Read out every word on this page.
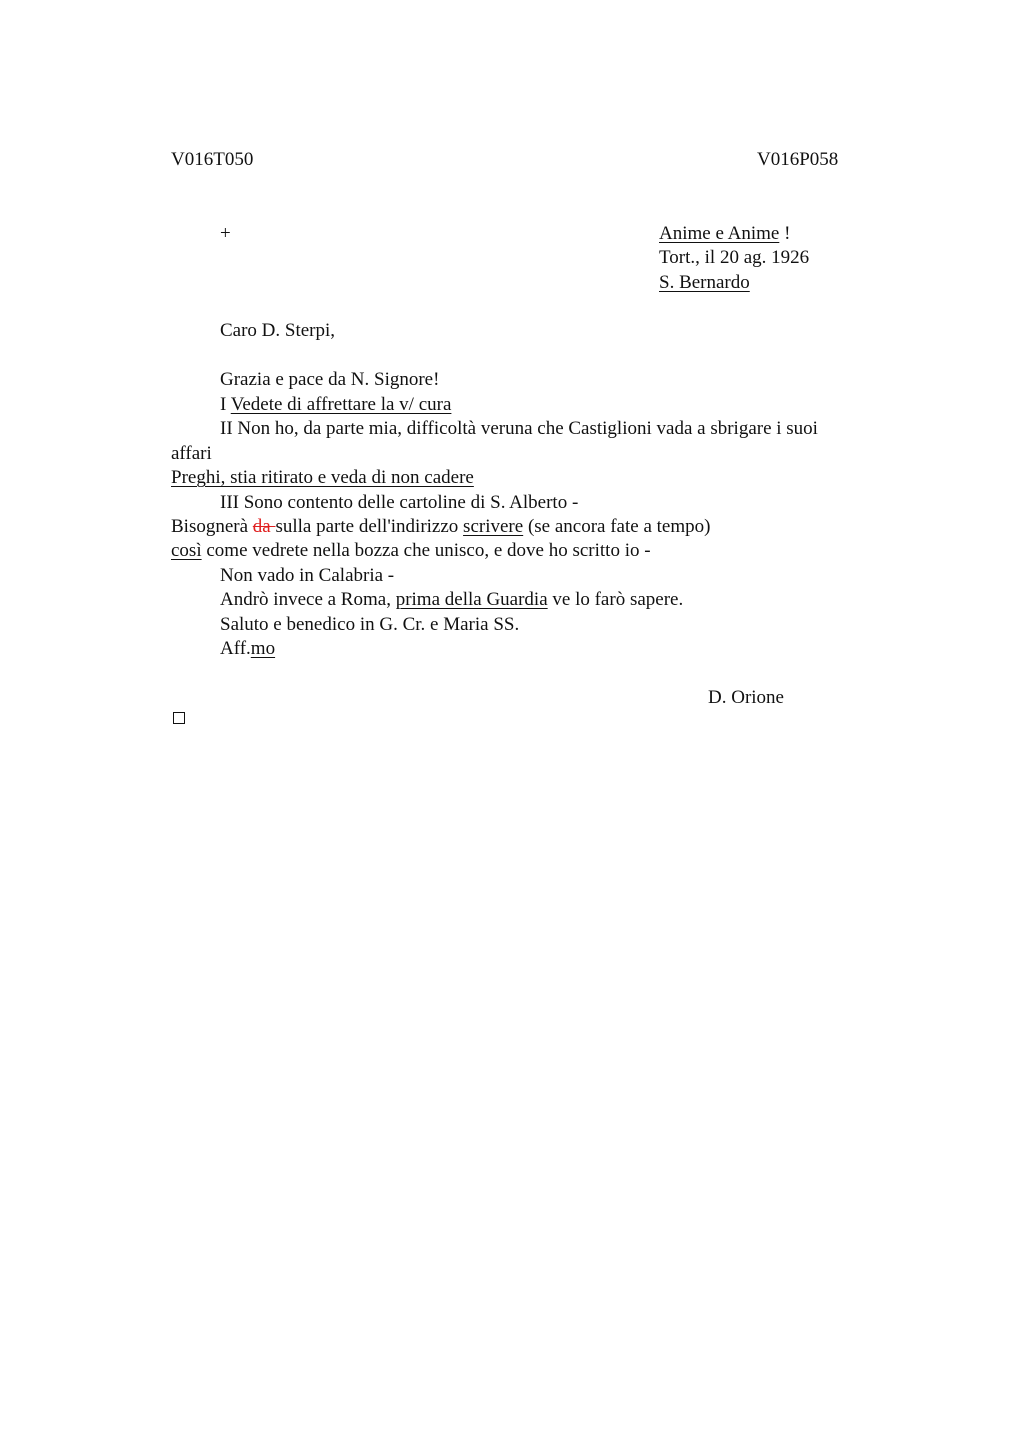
V016T050	V016P058
+	Anime e Anime !
Tort., il 20 ag. 1926
S. Bernardo
Caro D. Sterpi,
Grazia e pace da N. Signore!
I Vedete di affrettare la v/ cura
II Non ho, da parte mia, difficoltà veruna che Castiglioni vada a sbrigare i suoi
affari
Preghi, stia ritirato e veda di non cadere
III Sono contento delle cartoline di S. Alberto -
Bisognerà da sulla parte dell'indirizzo scrivere (se ancora fate a tempo)
così come vedrete nella bozza che unisco, e dove ho scritto io -
Non vado in Calabria -
Andrò invece a Roma, prima della Guardia ve lo farò sapere.
Saluto e benedico in G. Cr. e Maria SS.
Aff.mo
D. Orione
